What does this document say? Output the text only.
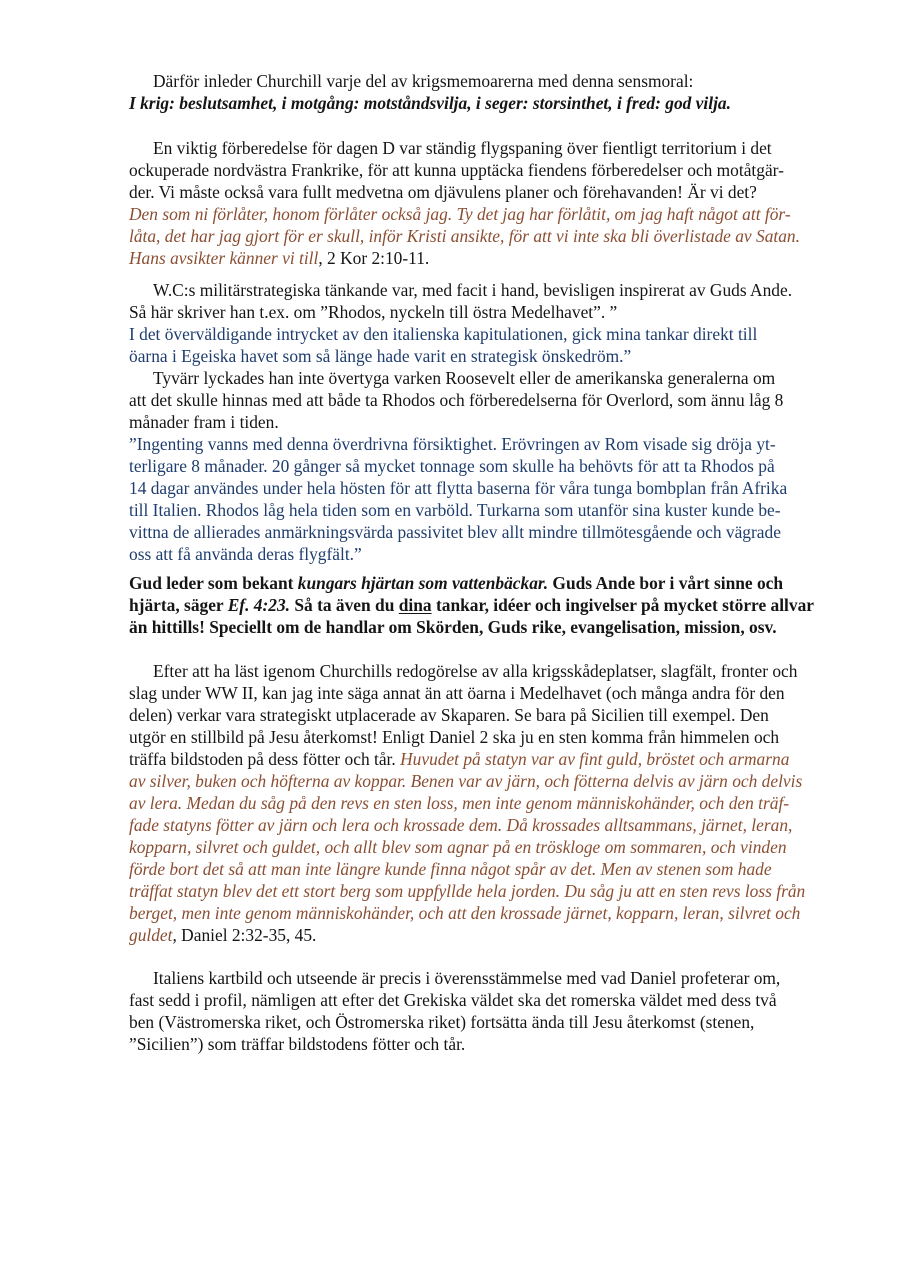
Därför inleder Churchill varje del av krigsmemoarerna med denna sensmoral:
I krig: beslutsamhet, i motgång: motståndsvilja, i seger: storsinthet, i fred: god vilja.
En viktig förberedelse för dagen D var ständig flygspaning över fientligt territorium i det
ockuperade nordvästra Frankrike, för att kunna upptäcka fiendens förberedelser och motåtgär-
der. Vi måste också vara fullt medvetna om djävulens planer och förehavanden! Är vi det?
Den som ni förlåter, honom förlåter också jag. Ty det jag har förlåtit, om jag haft något att för-
låta, det har jag gjort för er skull, inför Kristi ansikte, för att vi inte ska bli överlistade av Satan.
Hans avsikter känner vi till, 2 Kor 2:10-11.
W.C:s militärstrategiska tänkande var, med facit i hand, bevisligen inspirerat av Guds Ande.
Så här skriver han t.ex. om ”Rhodos, nyckeln till östra Medelhavet”. ”
I det överväldigande intrycket av den italienska kapitulationen, gick mina tankar direkt till
öarna i Egeiska havet som så länge hade varit en strategisk önskedröm.”
Tyvärr lyckades han inte övertyga varken Roosevelt eller de amerikanska generalerna om
att det skulle hinnas med att både ta Rhodos och förberedelserna för Overlord, som ännu låg 8
månader fram i tiden.
”Ingenting vanns med denna överdrivna försiktighet. Erövringen av Rom visade sig dröja yt-
terligare 8 månader. 20 gånger så mycket tonnage som skulle ha behövts för att ta Rhodos på
14 dagar användes under hela hösten för att flytta baserna för våra tunga bombplan från Afrika
till Italien. Rhodos låg hela tiden som en varböld. Turkarna som utanför sina kuster kunde be-
vittna de allierades anmärkningsvärda passivitet blev allt mindre tillmötesgående och vägrade
oss att få använda deras flygfält.”
Gud leder som bekant kungars hjärtan som vattenbäckar. Guds Ande bor i vårt sinne och
hjärta, säger Ef. 4:23. Så ta även du dina tankar, idéer och ingivelser på mycket större allvar
än hittills! Speciellt om de handlar om Skörden, Guds rike, evangelisation, mission, osv.
Efter att ha läst igenom Churchills redogörelse av alla krigsskådeplatser, slagfält, fronter och
slag under WW II, kan jag inte säga annat än att öarna i Medelhavet (och många andra för den
delen) verkar vara strategiskt utplacerade av Skaparen. Se bara på Sicilien till exempel. Den
utgör en stillbild på Jesu återkomst! Enligt Daniel 2 ska ju en sten komma från himmelen och
träffa bildstoden på dess fötter och tår. Huvudet på statyn var av fint guld, bröstet och armarna
av silver, buken och höfterna av koppar. Benen var av järn, och fötterna delvis av järn och delvis
av lera. Medan du såg på den revs en sten loss, men inte genom människohänder, och den träf-
fade statyns fötter av järn och lera och krossade dem. Då krossades alltsammans, järnet, leran,
kopparn, silvret och guldet, och allt blev som agnar på en tröskloge om sommaren, och vinden
förde bort det så att man inte längre kunde finna något spår av det. Men av stenen som hade
träffat statyn blev det ett stort berg som uppfyllde hela jorden. Du såg ju att en sten revs loss från
berget, men inte genom människohänder, och att den krossade järnet, kopparn, leran, silvret och
guldet, Daniel 2:32-35, 45.
Italiens kartbild och utseende är precis i överensstämmelse med vad Daniel profeterar om,
fast sedd i profil, nämligen att efter det Grekiska väldet ska det romerska väldet med dess två
ben (Västromerska riket, och Östromerska riket) fortsätta ända till Jesu återkomst (stenen,
”Sicilien”) som träffar bildstodens fötter och tår.
